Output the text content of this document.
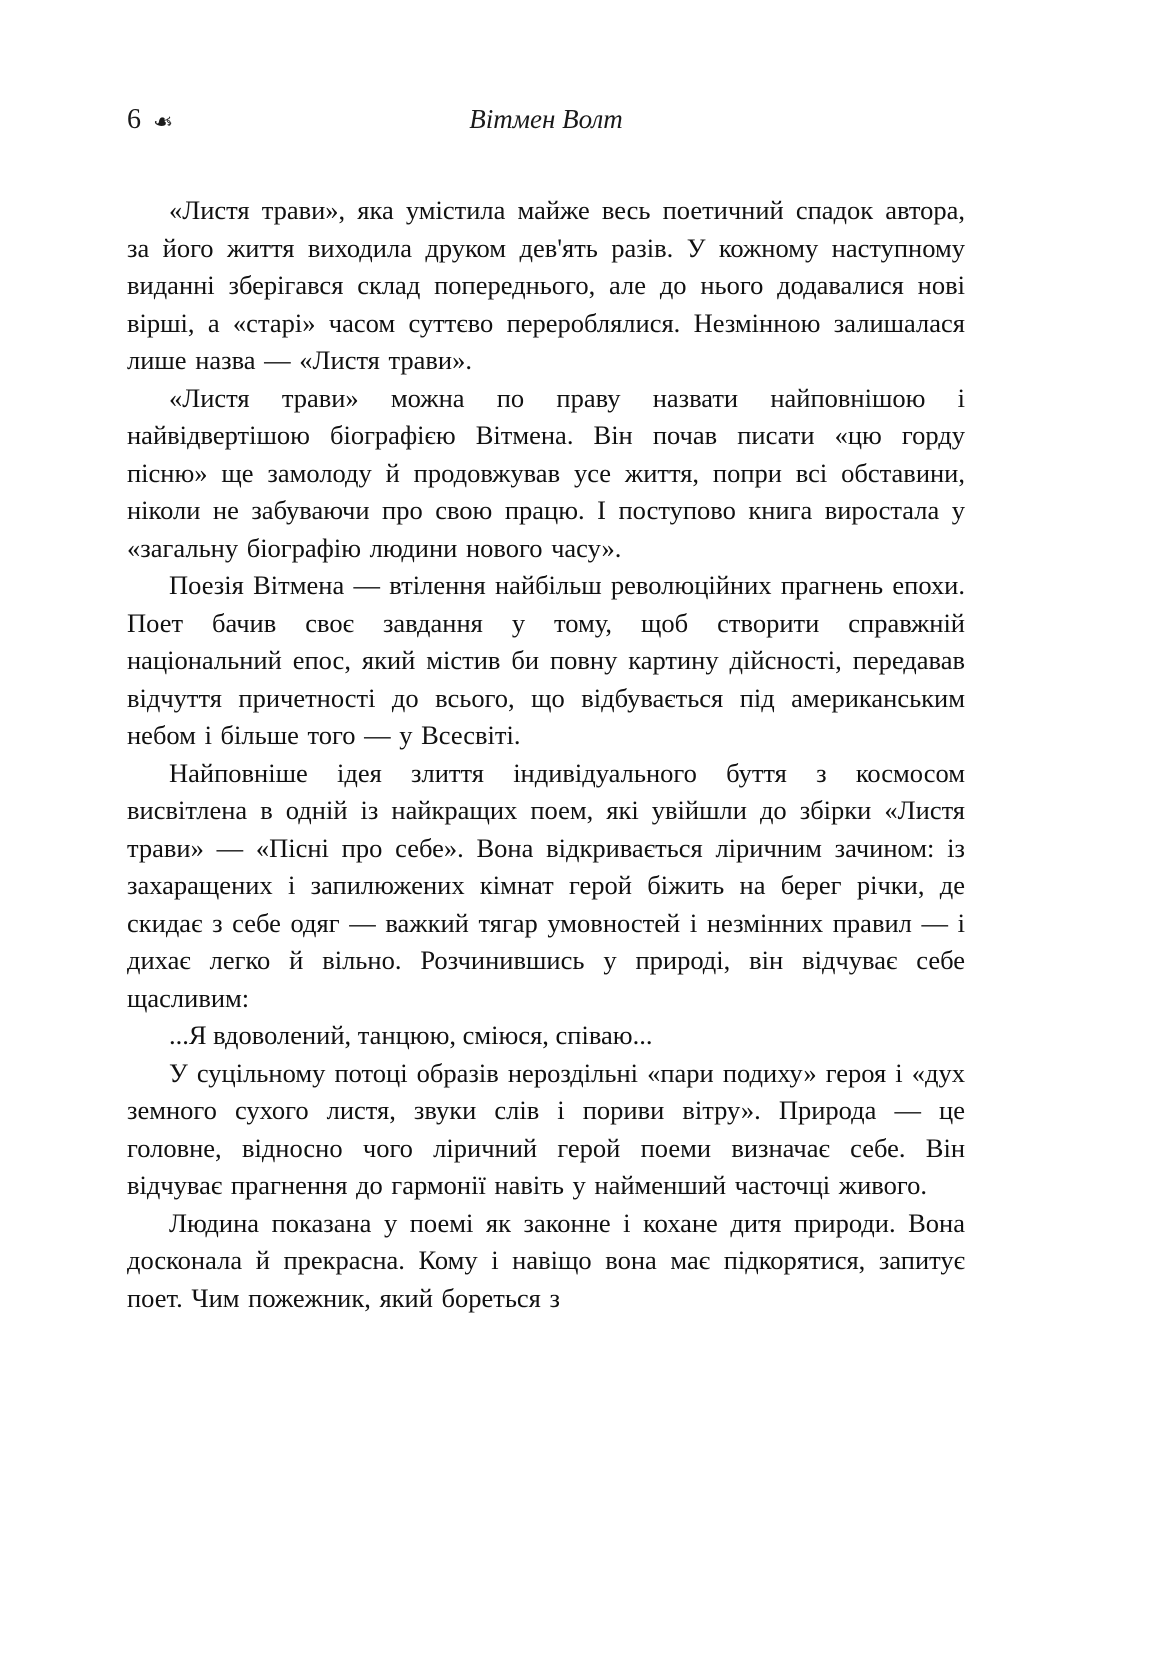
6 ❧	Вітмен Волт

«Листя трави», яка умістила майже весь поетичний спадок автора, за його життя виходила друком дев'ять разів. У кожному наступному виданні зберігався склад попереднього, але до нього додавалися нові вірші, а «старі» часом суттєво перероблялися. Незмінною залишалася лише назва — «Листя трави».

«Листя трави» можна по праву назвати найповнішою і найвідвертішою біографією Вітмена. Він почав писати «цю горду пісню» ще замолоду й продовжував усе життя, попри всі обставини, ніколи не забуваючи про свою працю. І поступово книга виростала у «загальну біографію людини нового часу».

Поезія Вітмена — втілення найбільш революційних прагнень епохи. Поет бачив своє завдання у тому, щоб створити справжній національний епос, який містив би повну картину дійсності, передавав відчуття причетності до всього, що відбувається під американським небом і більше того — у Всесвіті.

Найповніше ідея злиття індивідуального буття з космосом висвітлена в одній із найкращих поем, які увійшли до збірки «Листя трави» — «Пісні про себе». Вона відкривається ліричним зачином: із захаращених і запилюжених кімнат герой біжить на берег річки, де скидає з себе одяг — важкий тягар умовностей і незмінних правил — і дихає легко й вільно. Розчинившись у природі, він відчуває себе щасливим:

...Я вдоволений, танцюю, сміюся, співаю...

У суцільному потоці образів нероздільні «пари подиху» героя і «дух земного сухого листя, звуки слів і пориви вітру». Природа — це головне, відносно чого ліричний герой поеми визначає себе. Він відчуває прагнення до гармонії навіть у найменший часточці живого.

Людина показана у поемі як законне і кохане дитя природи. Вона досконала й прекрасна. Кому і навіщо вона має підкорятися, запитує поет. Чим пожежник, який бореться з
